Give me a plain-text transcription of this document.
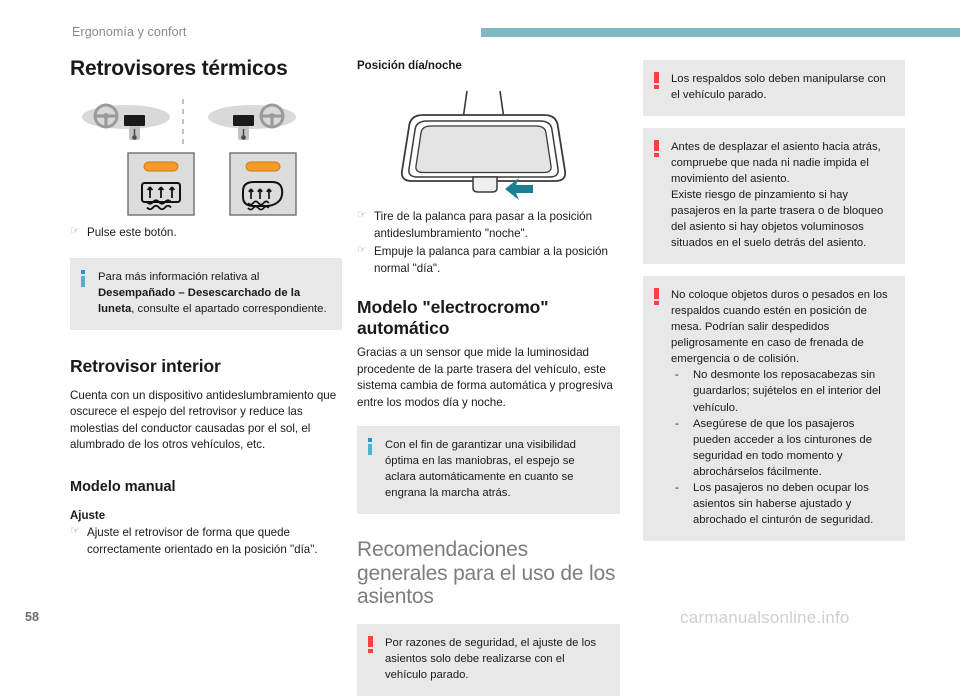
Ergonomía y confort
Retrovisores térmicos
☞ Pulse este botón.
Para más información relativa al Desempañado – Desescarchado de la luneta, consulte el apartado correspondiente.
Retrovisor interior

Cuenta con un dispositivo antideslumbramiento que oscurece el espejo del retrovisor y reduce las molestias del conductor causadas por el sol, el alumbrado de los otros vehículos, etc.

Modelo manual
Ajuste
☞ Ajuste el retrovisor de forma que quede correctamente orientado en la posición "día".
Posición día/noche
☞ Tire de la palanca para pasar a la posición antideslumbramiento "noche".
☞ Empuje la palanca para cambiar a la posición normal "día".
Modelo "electrocromo" automático

Gracias a un sensor que mide la luminosidad procedente de la parte trasera del vehículo, este sistema cambia de forma automática y progresiva entre los modos día y noche.

Con el fin de garantizar una visibilidad óptima en las maniobras, el espejo se aclara automáticamente en cuanto se engrana la marcha atrás.
Recomendaciones generales para el uso de los asientos
Por razones de seguridad, el ajuste de los asientos solo debe realizarse con el vehículo parado.
Los respaldos solo deben manipularse con el vehículo parado.
Antes de desplazar el asiento hacia atrás, compruebe que nada ni nadie impida el movimiento del asiento.
Existe riesgo de pinzamiento si hay pasajeros en la parte trasera o de bloqueo del asiento si hay objetos voluminosos situados en el suelo detrás del asiento.
No coloque objetos duros o pesados en los respaldos cuando estén en posición de mesa. Podrían salir despedidos peligrosamente en caso de frenada de emergencia o de colisión.
- No desmonte los reposacabezas sin guardarlos; sujételos en el interior del vehículo.
- Asegúrese de que los pasajeros pueden acceder a los cinturones de seguridad en todo momento y abrochárselos fácilmente.
- Los pasajeros no deben ocupar los asientos sin haberse ajustado y abrochado el cinturón de seguridad.
58	carmanualsonline.info
